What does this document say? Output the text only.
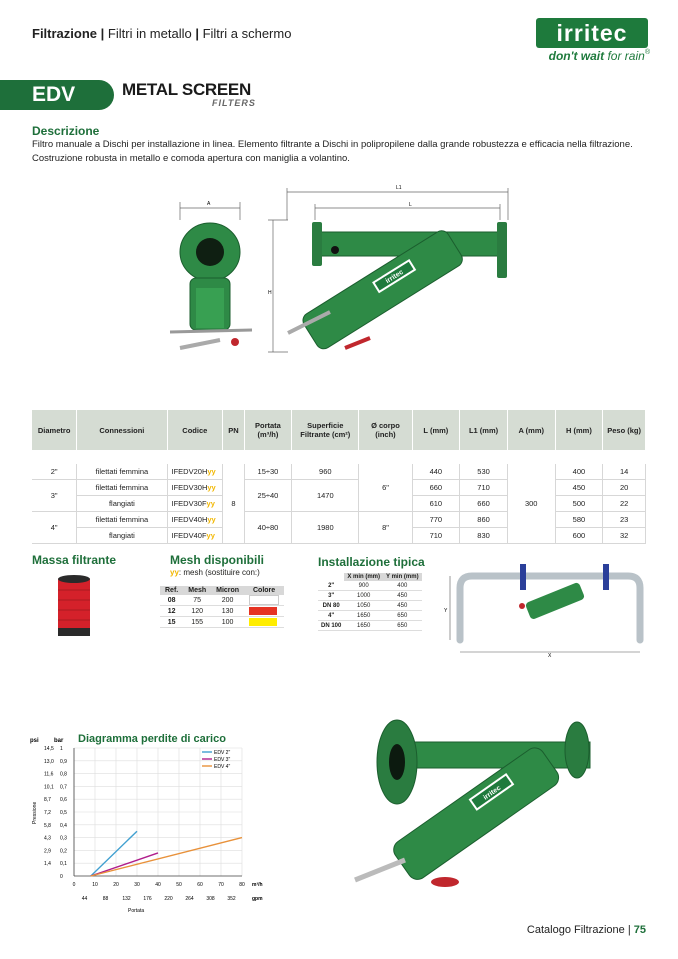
Filtrazione | Filtri in metallo | Filtri a schermo	irritec
don't wait for rain®
EDV	METAL SCREEN
FILTERS
Descrizione
Filtro manuale a Dischi per installazione in linea. Elemento filtrante a Dischi in polipropilene dalla grande robustezza e efficacia nella filtrazione.
Costruzione robusta in metallo e comoda apertura con maniglia a volantino.
A
L1
L
H
irritec
Diametro	Connessioni	Codice	PN	Portata (m³/h)	Superficie Filtrante (cm²)	Ø corpo (inch)	L (mm)	L1 (mm)	A (mm)	H (mm)	Peso (kg)

2"	filettati femmina	IFEDV20Hyy	8	15÷30	960	6"	440	530	300	400	14
3"	filettati femmina	IFEDV30Hyy		25÷40	1470		660	710		450	20
	flangiati	IFEDV30Fyy					610	660		500	22
4"	filettati femmina	IFEDV40Hyy		40÷80	1980	8"	770	860		580	23
	flangiati	IFEDV40Fyy					710	830		600	32
Massa filtrante	Mesh disponibili
yy: mesh (sostituire con:)
Ref.	Mesh	Micron	Colore
08	75	200	

12	120	130	

15	155	100	
Installazione tipica
	X min (mm)	Y min (mm)
2"	900	400
3"	1000	450
DN 80	1050	450
4"	1650	650
DN 100	1650	650
X
Y
Diagramma perdite di carico
psi	bar
0	10	20	30	40	50	60	70	80 m³/h
44	88	132	176	220	264	308	352	gpm
Portata
0
0,1
0,2
0,3
0,4
0,5
0,6
0,7
0,8
0,9
1
1,4
2,9
4,3
5,8
7,2
8,7
10,1
11,6
13,0
14,5
Pressione
EDV 2"
EDV 3"
EDV 4"
irritec
Catalogo Filtrazione | 75
